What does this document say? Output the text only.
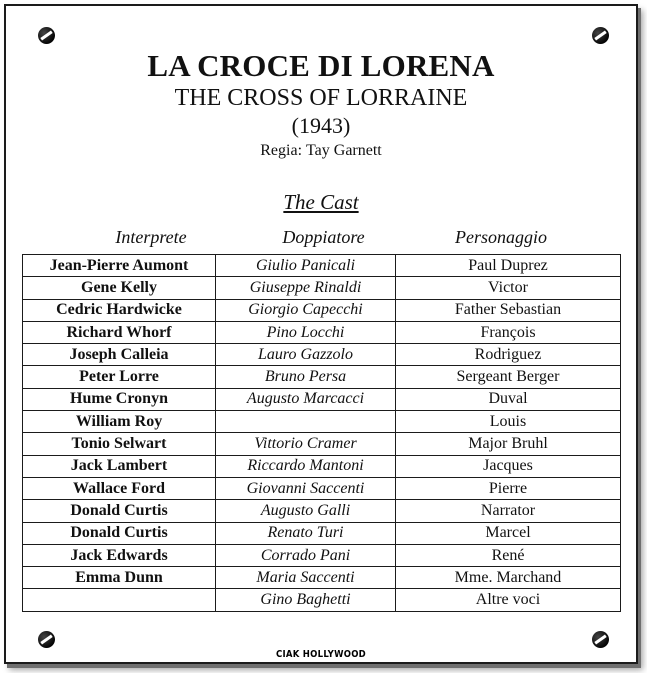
LA CROCE DI LORENA
THE CROSS OF LORRAINE
(1943)
Regia: Tay Garnett
The Cast
Interprete	Doppiatore	Personaggio
Jean-Pierre Aumont	Giulio Panicali	Paul Duprez
Gene Kelly	Giuseppe Rinaldi	Victor
Cedric Hardwicke	Giorgio Capecchi	Father Sebastian
Richard Whorf	Pino Locchi	François
Joseph Calleia	Lauro Gazzolo	Rodriguez
Peter Lorre	Bruno Persa	Sergeant Berger
Hume Cronyn	Augusto Marcacci	Duval
William Roy		Louis
Tonio Selwart	Vittorio Cramer	Major Bruhl
Jack Lambert	Riccardo Mantoni	Jacques
Wallace Ford	Giovanni Saccenti	Pierre
Donald Curtis	Augusto Galli	Narrator
Donald Curtis	Renato Turi	Marcel
Jack Edwards	Corrado Pani	René
Emma Dunn	Maria Saccenti	Mme. Marchand
	Gino Baghetti	Altre voci
CIAK HOLLYWOOD
